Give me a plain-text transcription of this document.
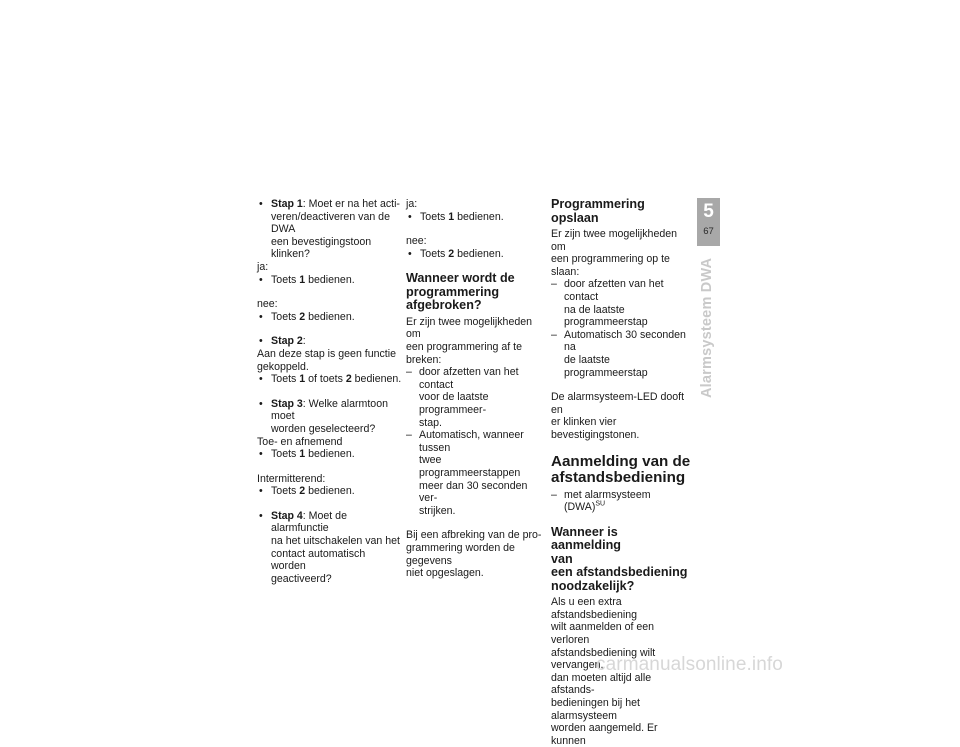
• Stap 1: Moet er na het acti-
veren/deactiveren van de DWA
een bevestigingstoon klinken?

ja:

• Toets 1 bedienen.

nee:

• Toets 2 bedienen.

• Stap 2:

Aan deze stap is geen functie
gekoppeld.

• Toets 1 of toets 2 bedienen.

• Stap 3: Welke alarmtoon moet
worden geselecteerd?

Toe- en afnemend

• Toets 1 bedienen.

Intermitterend:

• Toets 2 bedienen.

• Stap 4: Moet de alarmfunctie
na het uitschakelen van het
contact automatisch worden
geactiveerd?

ja:

• Toets 1 bedienen.

nee:

• Toets 2 bedienen.

Wanneer wordt de
programmering
afgebroken?

Er zijn twee mogelijkheden om
een programmering af te breken:

– door afzetten van het contact
voor de laatste programmeer-
stap.

– Automatisch, wanneer tussen
twee programmeerstappen
meer dan 30 seconden ver-
strijken.

Bij een afbreking van de pro-
grammering worden de gegevens
niet opgeslagen.

Programmering opslaan

Er zijn twee mogelijkheden om
een programmering op te slaan:

– door afzetten van het contact
na de laatste programmeerstap

– Automatisch 30 seconden na
de laatste programmeerstap

De alarmsysteem-LED dooft en
er klinken vier bevestigingstonen.

Aanmelding van de
afstandsbediening

– met alarmsysteem (DWA)$^{SU}$

Wanneer is aanmelding
van
een afstandsbediening
noodzakelijk?

Als u een extra afstandsbediening
wilt aanmelden of een verloren
afstandsbediening wilt vervangen,
dan moeten altijd alle afstands-
bedieningen bij het alarmsysteem
worden aangemeld. Er kunnen

5
67
Alarmsysteem DWA
carmanualsonline.info
